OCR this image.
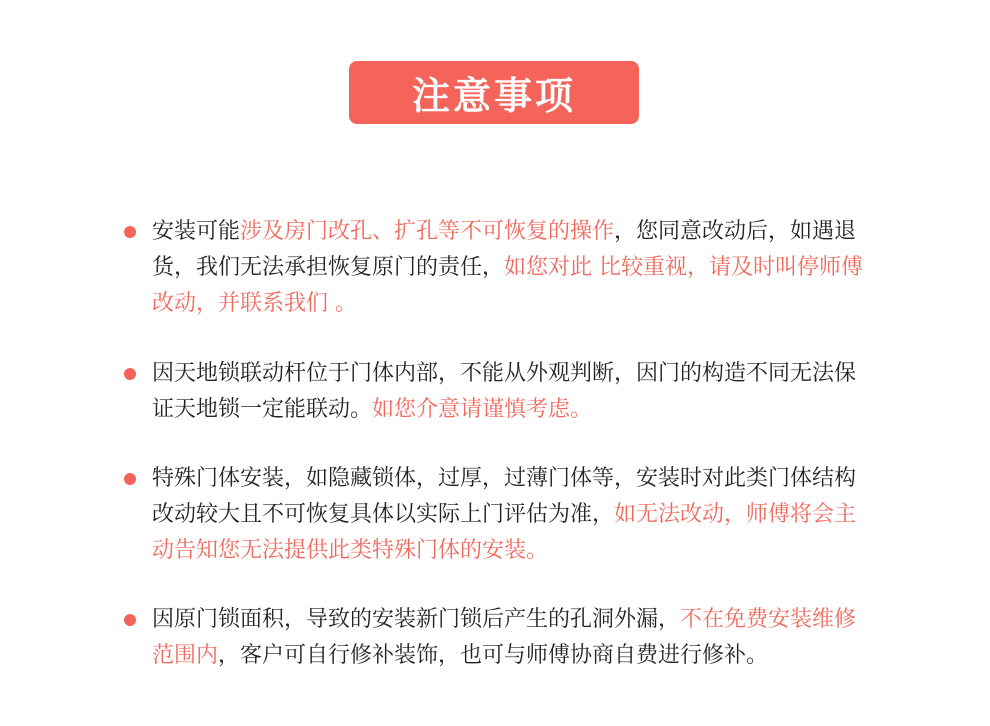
注意事项
安装可能涉及房门改孔、扩孔等不可恢复的操作，您同意改动后，如遇退货，我们无法承担恢复原门的责任，如您对此 比较重视，请及时叫停师傅改动，并联系我们 。
因天地锁联动杆位于门体内部，不能从外观判断，因门的构造不同无法保证天地锁一定能联动。如您介意请谨慎考虑。
特殊门体安装，如隐藏锁体，过厚，过薄门体等，安装时对此类门体结构改动较大且不可恢复具体以实际上门评估为准，如无法改动，师傅将会主动告知您无法提供此类特殊门体的安装。
因原门锁面积，导致的安装新门锁后产生的孔洞外漏，不在免费安装维修范围内，客户可自行修补装饰，也可与师傅协商自费进行修补。
